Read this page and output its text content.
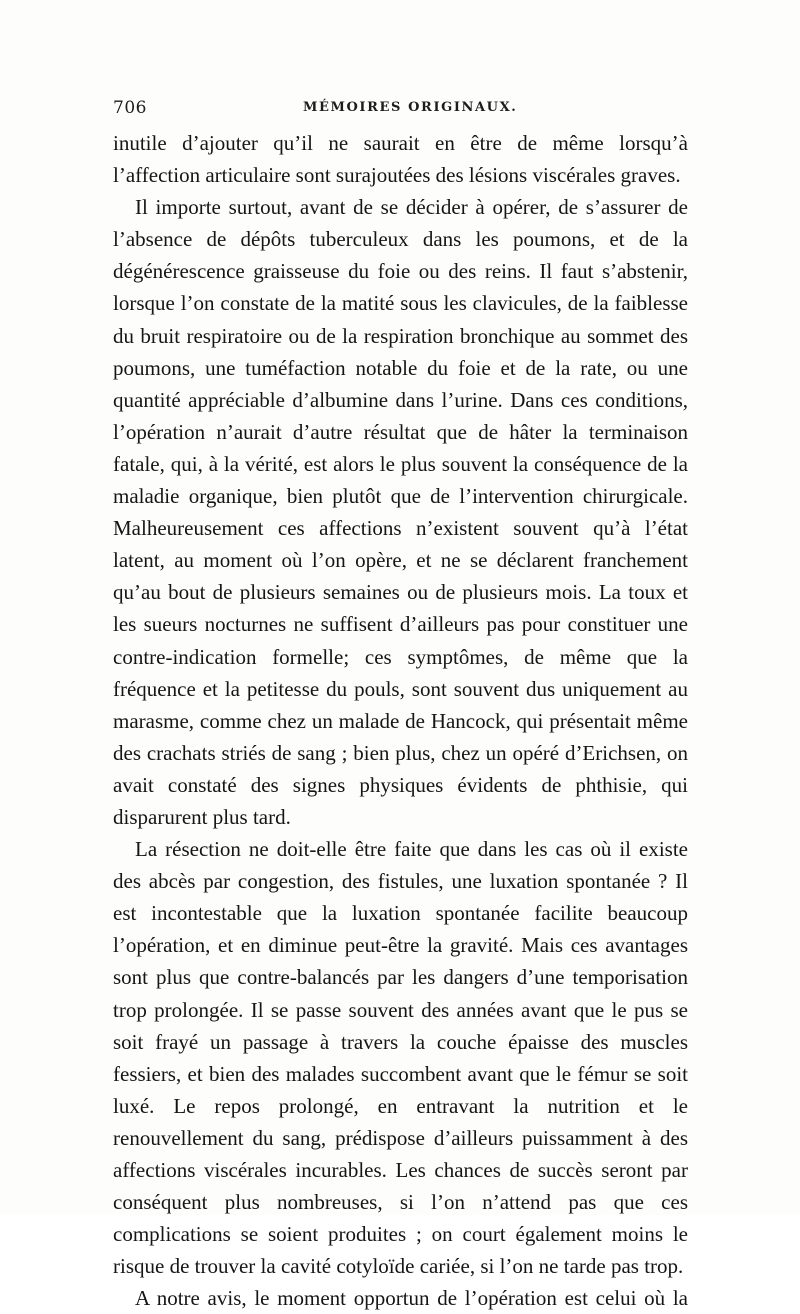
706	MÉMOIRES ORIGINAUX.

inutile d’ajouter qu’il ne saurait en être de même lorsqu’à l’affection articulaire sont surajoutées des lésions viscérales graves.

Il importe surtout, avant de se décider à opérer, de s’assurer de l’absence de dépôts tuberculeux dans les poumons, et de la dégénérescence graisseuse du foie ou des reins. Il faut s’abstenir, lorsque l’on constate de la matité sous les clavicules, de la faiblesse du bruit respiratoire ou de la respiration bronchique au sommet des poumons, une tuméfaction notable du foie et de la rate, ou une quantité appréciable d’albumine dans l’urine. Dans ces conditions, l’opération n’aurait d’autre résultat que de hâter la terminaison fatale, qui, à la vérité, est alors le plus souvent la conséquence de la maladie organique, bien plutôt que de l’intervention chirurgicale. Malheureusement ces affections n’existent souvent qu’à l’état latent, au moment où l’on opère, et ne se déclarent franchement qu’au bout de plusieurs semaines ou de plusieurs mois. La toux et les sueurs nocturnes ne suffisent d’ailleurs pas pour constituer une contre-indication formelle; ces symptômes, de même que la fréquence et la petitesse du pouls, sont souvent dus uniquement au marasme, comme chez un malade de Hancock, qui présentait même des crachats striés de sang ; bien plus, chez un opéré d’Erichsen, on avait constaté des signes physiques évidents de phthisie, qui disparurent plus tard.

La résection ne doit-elle être faite que dans les cas où il existe des abcès par congestion, des fistules, une luxation spontanée ? Il est incontestable que la luxation spontanée facilite beaucoup l’opération, et en diminue peut-être la gravité. Mais ces avantages sont plus que contre-balancés par les dangers d’une temporisation trop prolongée. Il se passe souvent des années avant que le pus se soit frayé un passage à travers la couche épaisse des muscles fessiers, et bien des malades succombent avant que le fémur se soit luxé. Le repos prolongé, en entravant la nutrition et le renouvellement du sang, prédispose d’ailleurs puissamment à des affections viscérales incurables. Les chances de succès seront par conséquent plus nombreuses, si l’on n’attend pas que ces complications se soient produites ; on court également moins le risque de trouver la cavité cotyloïde cariée, si l’on ne tarde pas trop.

A notre avis, le moment opportun de l’opération est celui où la
